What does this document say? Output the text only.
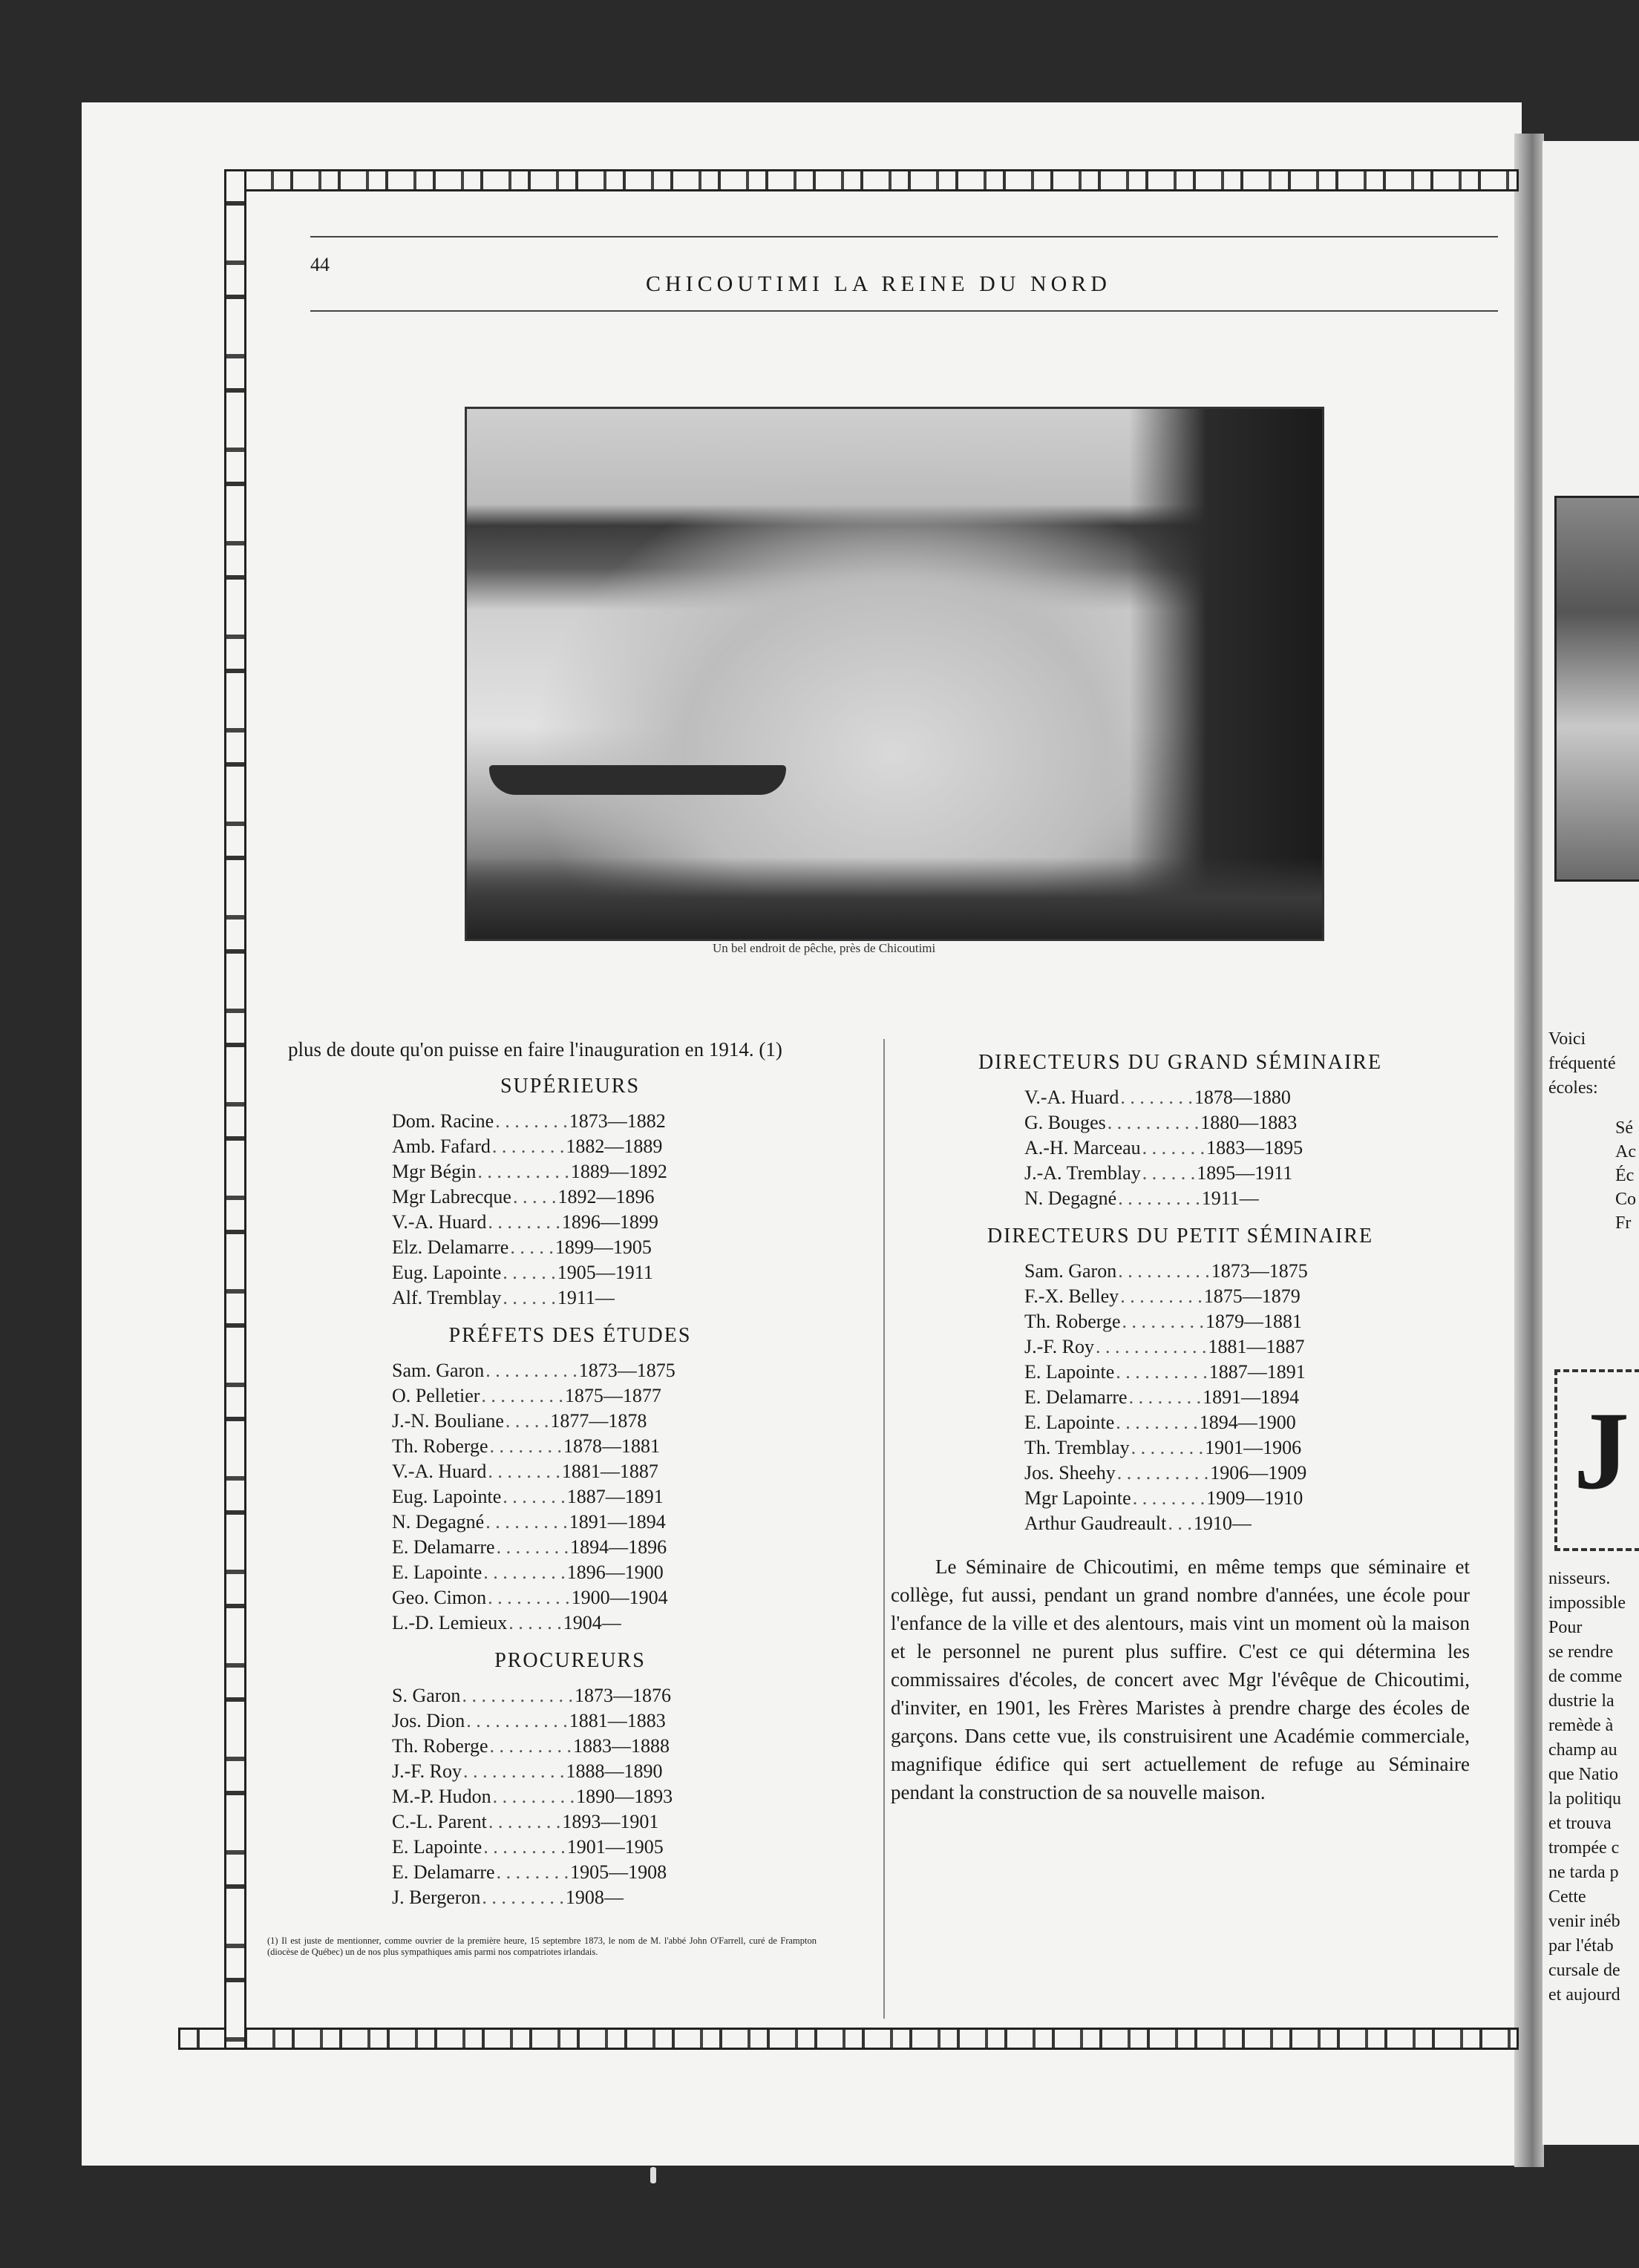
44
CHICOUTIMI LA REINE DU NORD
Un bel endroit de pêche, près de Chicoutimi
plus de doute qu'on puisse en faire l'inauguration en 1914. (1)
SUPÉRIEURS
Dom. Racine . . . . . . . . 1873—1882
Amb. Fafard . . . . . . . . 1882—1889
Mgr Bégin . . . . . . . . . . 1889—1892
Mgr Labrecque . . . . . 1892—1896
V.-A. Huard . . . . . . . . 1896—1899
Elz. Delamarre . . . . . 1899—1905
Eug. Lapointe . . . . . . 1905—1911
Alf. Tremblay . . . . . . 1911—
PRÉFETS DES ÉTUDES
Sam. Garon . . . . . . . . . . 1873—1875
O. Pelletier . . . . . . . . . 1875—1877
J.-N. Bouliane . . . . . 1877—1878
Th. Roberge . . . . . . . . 1878—1881
V.-A. Huard . . . . . . . . 1881—1887
Eug. Lapointe . . . . . . . 1887—1891
N. Degagné . . . . . . . . . 1891—1894
E. Delamarre . . . . . . . . 1894—1896
E. Lapointe . . . . . . . . . 1896—1900
Geo. Cimon . . . . . . . . . 1900—1904
L.-D. Lemieux . . . . . . 1904—
PROCUREURS
S. Garon . . . . . . . . . . . . 1873—1876
Jos. Dion . . . . . . . . . . . 1881—1883
Th. Roberge . . . . . . . . . 1883—1888
J.-F. Roy . . . . . . . . . . . 1888—1890
M.-P. Hudon . . . . . . . . . 1890—1893
C.-L. Parent . . . . . . . . 1893—1901
E. Lapointe . . . . . . . . . 1901—1905
E. Delamarre . . . . . . . . 1905—1908
J. Bergeron . . . . . . . . . 1908—
DIRECTEURS DU GRAND SÉMINAIRE
V.-A. Huard . . . . . . . . 1878—1880
G. Bouges . . . . . . . . . . 1880—1883
A.-H. Marceau . . . . . . . 1883—1895
J.-A. Tremblay . . . . . . 1895—1911
N. Degagné . . . . . . . . . 1911—
DIRECTEURS DU PETIT SÉMINAIRE
Sam. Garon . . . . . . . . . . 1873—1875
F.-X. Belley . . . . . . . . . 1875—1879
Th. Roberge . . . . . . . . . 1879—1881
J.-F. Roy . . . . . . . . . . . . 1881—1887
E. Lapointe . . . . . . . . . . 1887—1891
E. Delamarre . . . . . . . . 1891—1894
E. Lapointe . . . . . . . . . 1894—1900
Th. Tremblay . . . . . . . . 1901—1906
Jos. Sheehy . . . . . . . . . . 1906—1909
Mgr Lapointe . . . . . . . . 1909—1910
Arthur Gaudreault . . . 1910—
Le Séminaire de Chicoutimi, en même temps que séminaire et collège, fut aussi, pendant un grand nombre d'années, une école pour l'enfance de la ville et des alentours, mais vint un moment où la maison et le personnel ne purent plus suffire. C'est ce qui détermina les commissaires d'écoles, de concert avec Mgr l'évêque de Chicoutimi, d'inviter, en 1901, les Frères Maristes à prendre charge des écoles de garçons. Dans cette vue, ils construisirent une Académie commerciale, magnifique édifice qui sert actuellement de refuge au Séminaire pendant la construction de sa nouvelle maison.
(1) Il est juste de mentionner, comme ouvrier de la première heure, 15 septembre 1873, le nom de M. l'abbé John O'Farrell, curé de Frampton (diocèse de Québec) un de nos plus sympathiques amis parmi nos compatriotes irlandais.
Voici
fréquenté
écoles:
Sé
Ac
Éc
Co
Fr
J
nisseurs.
impossible
Pour
se rendre
de comme
dustrie la
remède à
champ au
que Natio
la politiqu
et trouva
trompée c
ne tarda p
Cette
venir inéb
par l'étab
cursale de
et aujourd
